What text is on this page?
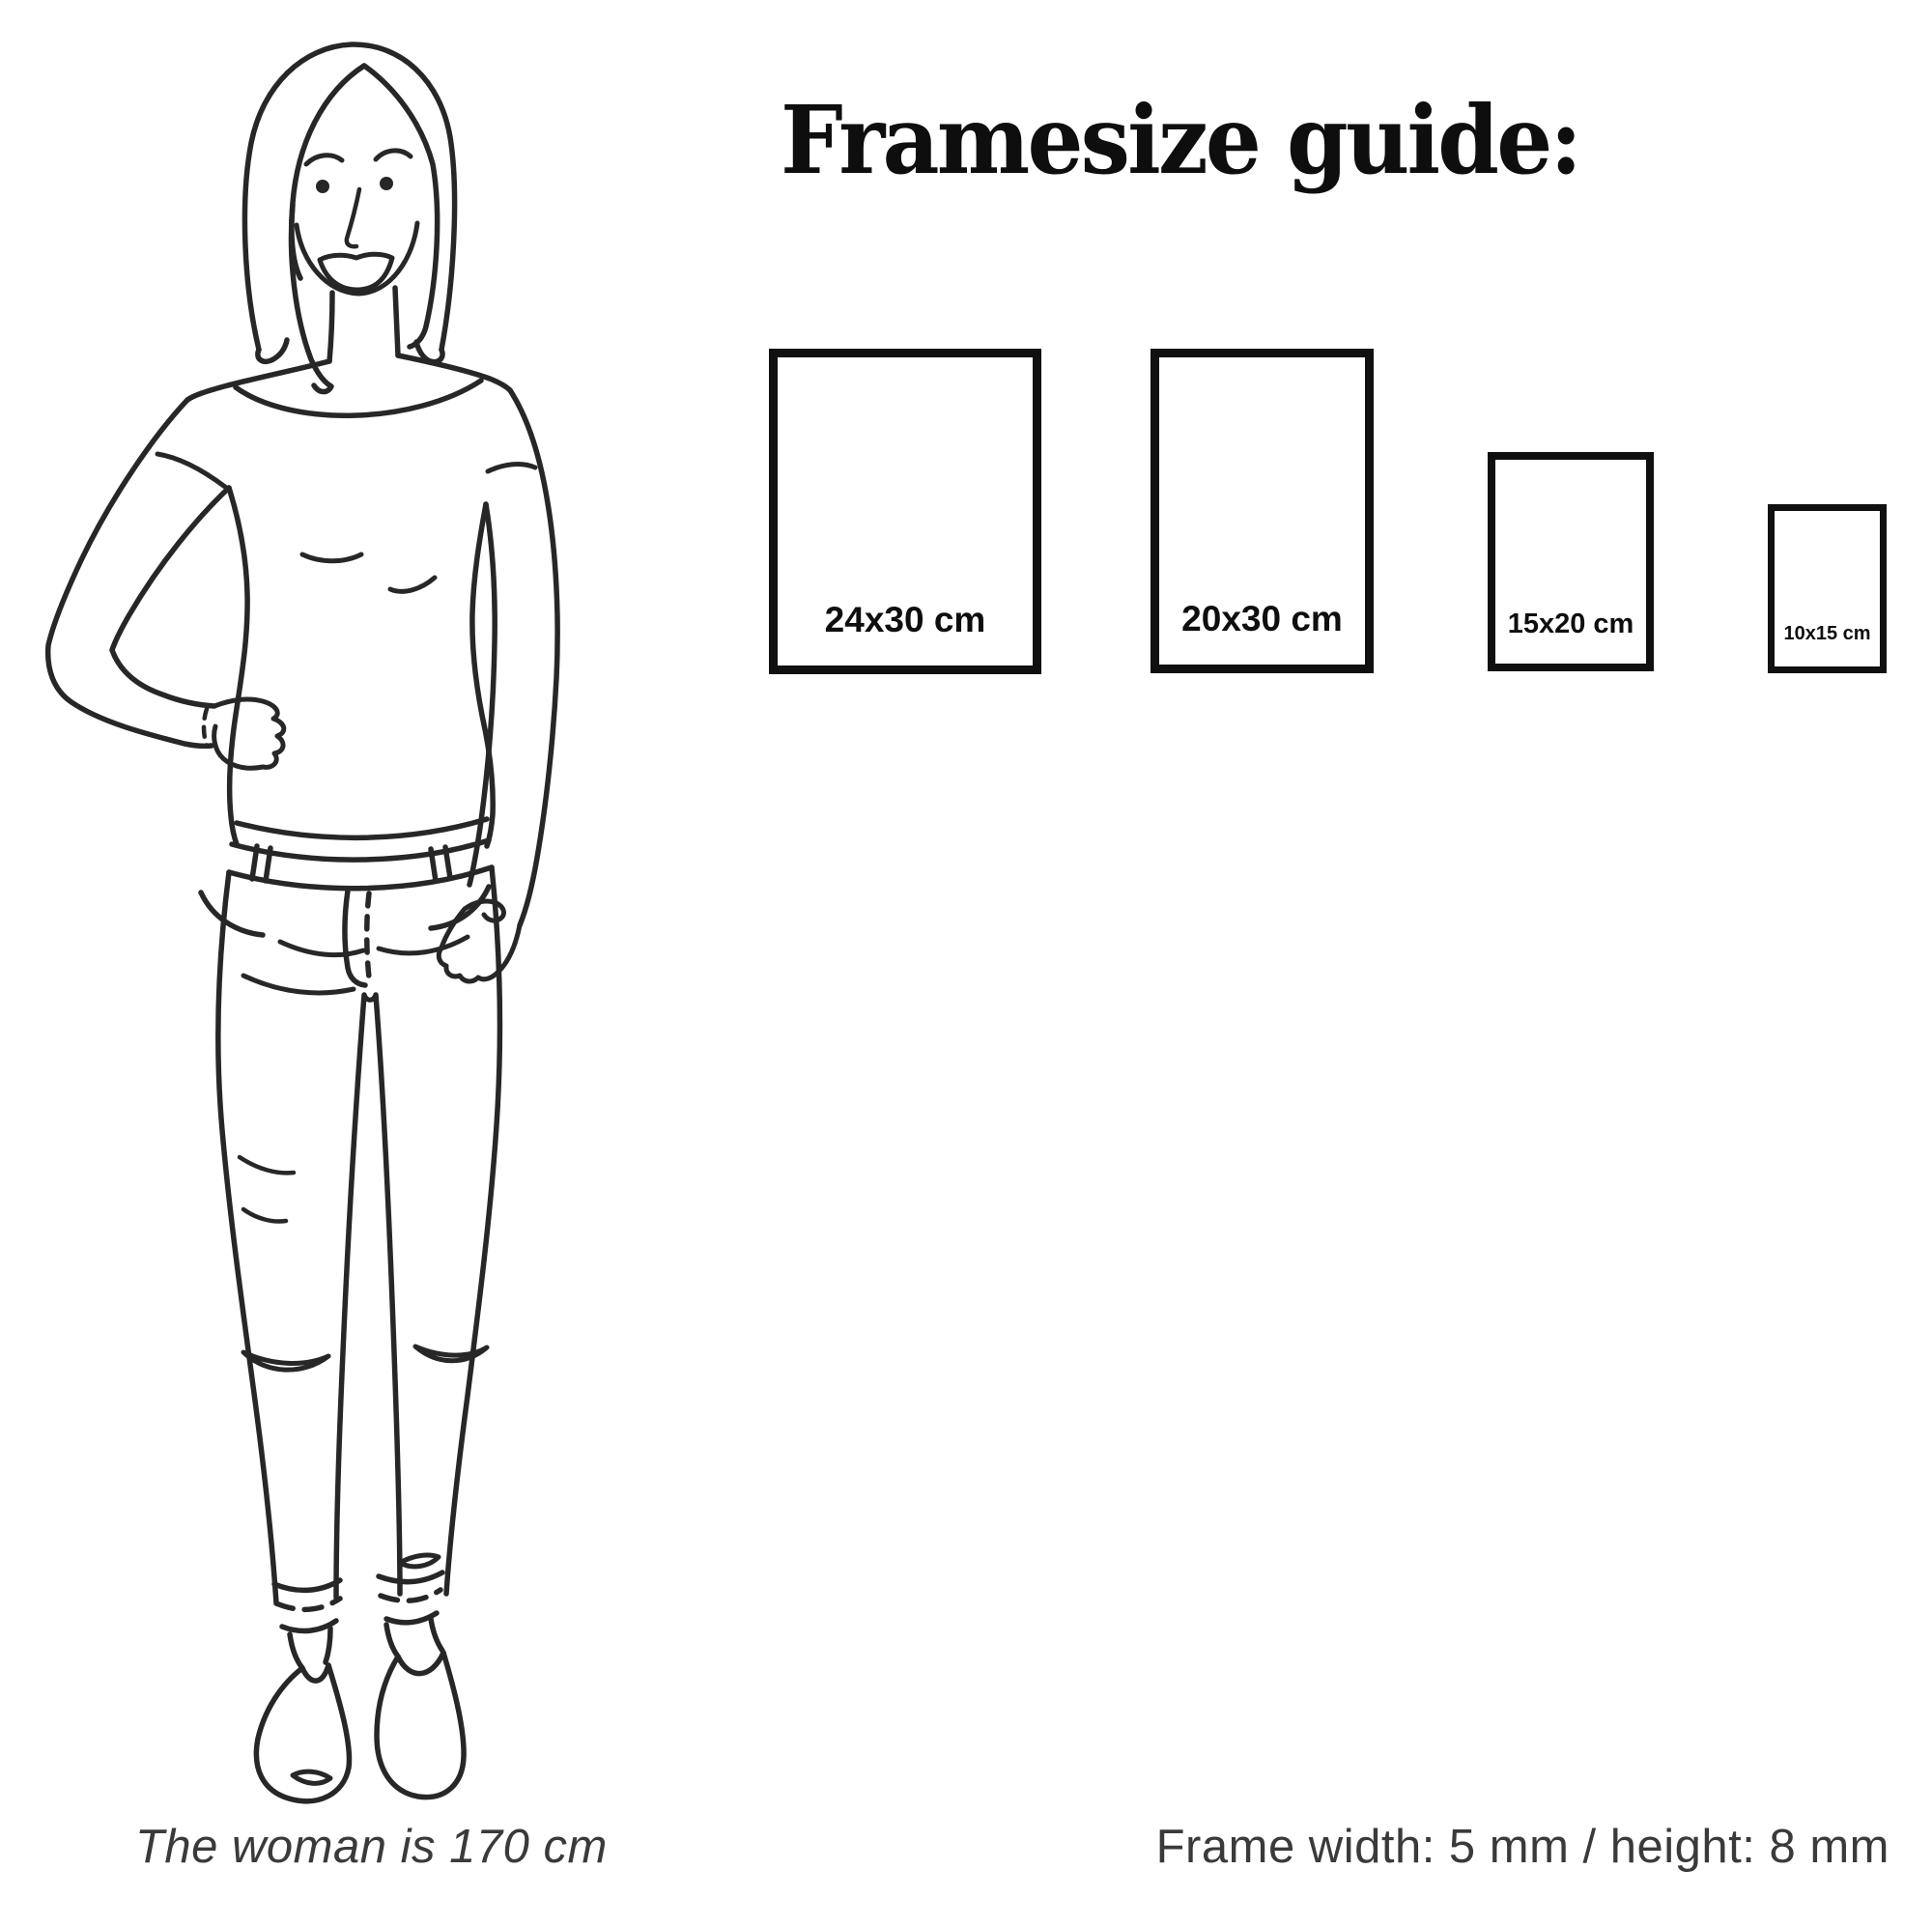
Framesize guide:
24x30 cm	20x30 cm	15x20 cm	10x15 cm
The woman is 170 cm	Frame width: 5 mm / height: 8 mm
